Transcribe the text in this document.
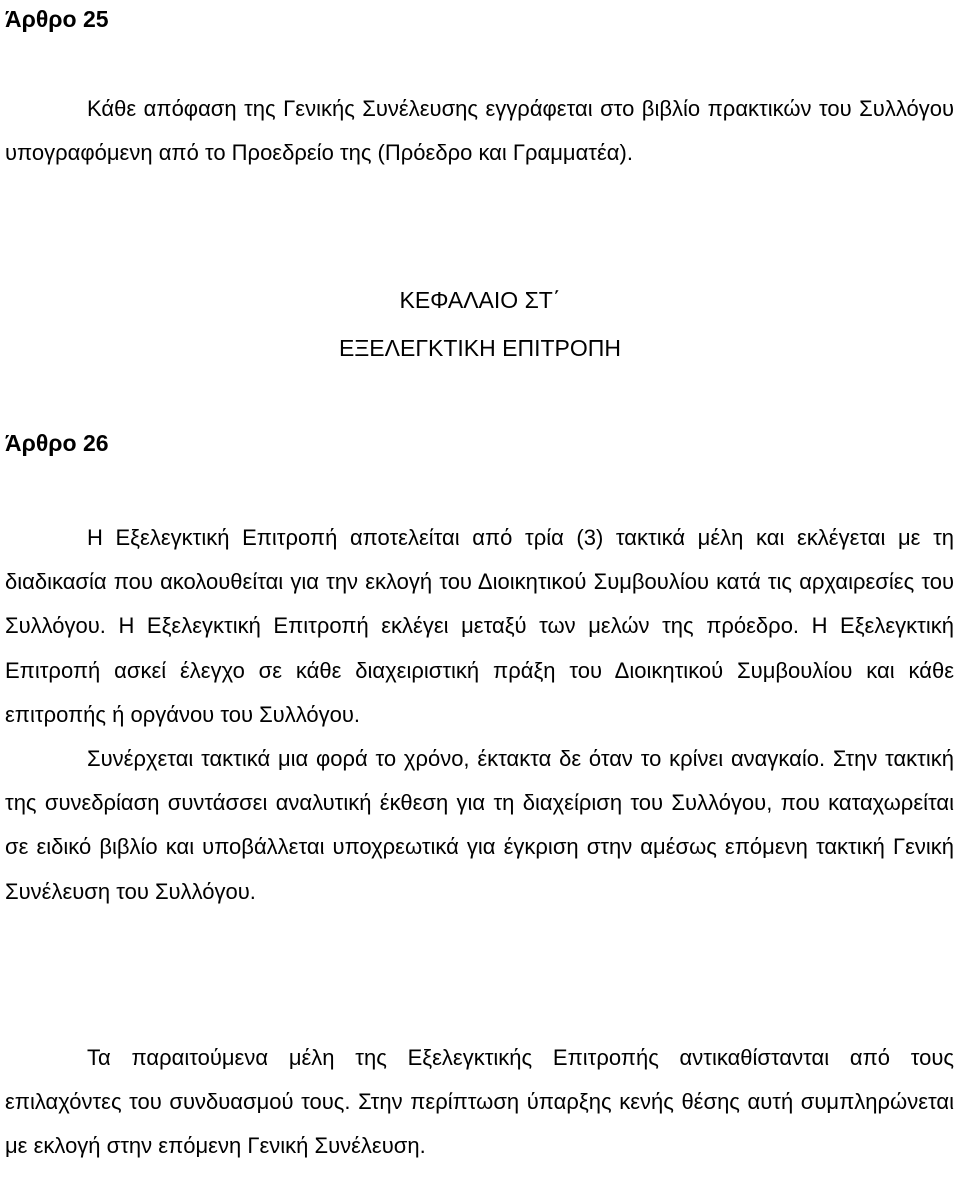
Άρθρο 25

Κάθε απόφαση της Γενικής Συνέλευσης εγγράφεται στο βιβλίο πρακτικών του Συλλόγου υπογραφόμενη από το Προεδρείο της (Πρόεδρο και Γραμματέα).

ΚΕΦΑΛΑΙΟ ΣΤ΄
ΕΞΕΛΕΓΚΤΙΚΗ ΕΠΙΤΡΟΠΗ
Άρθρο 26

Η Εξελεγκτική Επιτροπή αποτελείται από τρία (3) τακτικά μέλη και εκλέγεται με τη διαδικασία που ακολουθείται για την εκλογή του Διοικητικού Συμβουλίου κατά τις αρχαιρεσίες του Συλλόγου. Η Εξελεγκτική Επιτροπή εκλέγει μεταξύ των μελών της πρόεδρο. Η Εξελεγκτική Επιτροπή ασκεί έλεγχο σε κάθε διαχειριστική πράξη του Διοικητικού Συμβουλίου και κάθε επιτροπής ή οργάνου του Συλλόγου.

Συνέρχεται τακτικά μια φορά το χρόνο, έκτακτα δε όταν το κρίνει αναγκαίο. Στην τακτική της συνεδρίαση συντάσσει αναλυτική έκθεση για τη διαχείριση του Συλλόγου, που καταχωρείται σε ειδικό βιβλίο και υποβάλλεται υποχρεωτικά για έγκριση στην αμέσως επόμενη τακτική Γενική Συνέλευση του Συλλόγου.

Τα παραιτούμενα μέλη της Εξελεγκτικής Επιτροπής αντικαθίστανται από τους επιλαχόντες του συνδυασμού τους. Στην περίπτωση ύπαρξης κενής θέσης αυτή συμπληρώνεται με εκλογή στην επόμενη Γενική Συνέλευση.
